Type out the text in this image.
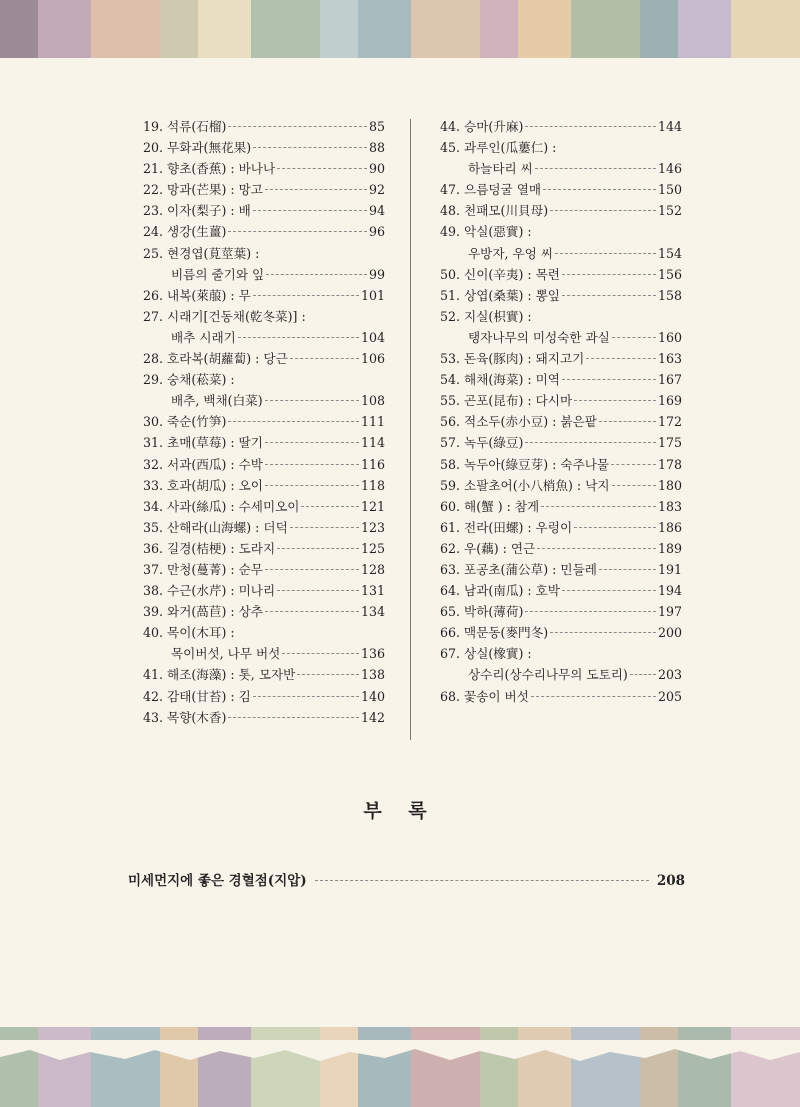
19.
석류(石榴)	85
20.
무화과(無花果)	88
21.
향초(香蕉) : 바나나	90
22.
망과(芒果) : 망고	92
23.
이자(梨子) : 배	94
24.
생강(生薑)	96
25.
현경엽(莧莖葉) :
비름의 줄기와 잎	99
26.
내복(萊菔) : 무	101
27.
시래기[건동채(乾冬菜)] :
배추 시래기	104
28.
호라복(胡蘿蔔) : 당근	106
29.
숭채(菘菜) :
배추, 백채(白菜)	108
30.
죽순(竹笋)	111
31.
초매(草莓) : 딸기	114
32.
서과(西瓜) : 수박	116
33.
호과(胡瓜) : 오이	118
34.
사과(絲瓜) : 수세미오이	121
35.
산해라(山海螺) : 더덕	123
36.
길경(桔梗) : 도라지	125
37.
만청(蔓菁) : 순무	128
38.
수근(水芹) : 미나리	131
39.
와거(萵苣) : 상추	134
40.
목이(木耳) :
목이버섯, 나무 버섯	136
41.
해조(海藻) : 톳, 모자반	138
42.
감태(甘苔) : 김	140
43.
목향(木香)	142
44.
승마(升麻)	144
45.
과루인(瓜蔞仁) :
하늘타리 씨	146
47.
으름덩굴 열매	150
48.
천패모(川貝母)	152
49.
악실(惡實) :
우방자, 우엉 씨	154
50.
신이(辛夷) : 목련	156
51.
상엽(桑葉) : 뽕잎	158
52.
지실(枳實) :
탱자나무의 미성숙한 과실	160
53.
돈육(豚肉) : 돼지고기	163
54.
해채(海菜) : 미역	167
55.
곤포(昆布) : 다시마	169
56.
적소두(赤小豆) : 붉은팥	172
57.
녹두(綠豆)	175
58.
녹두아(綠豆芽) : 숙주나물	178
59.
소팔초어(小八梢魚) : 낙지	180
60.
해(蟹 ) : 참게	183
61.
전라(田螺) : 우렁이	186
62.
우(藕) : 연근	189
63.
포공초(蒲公草) : 민들레	191
64.
남과(南瓜) : 호박	194
65.
박하(薄荷)	197
66.
맥문동(麥門冬)	200
67.
상실(橡實) :
상수리(상수리나무의 도토리) 203
68.
꽃송이 버섯	205
부 록
미세먼지에 좋은 경혈점(지압)	208
